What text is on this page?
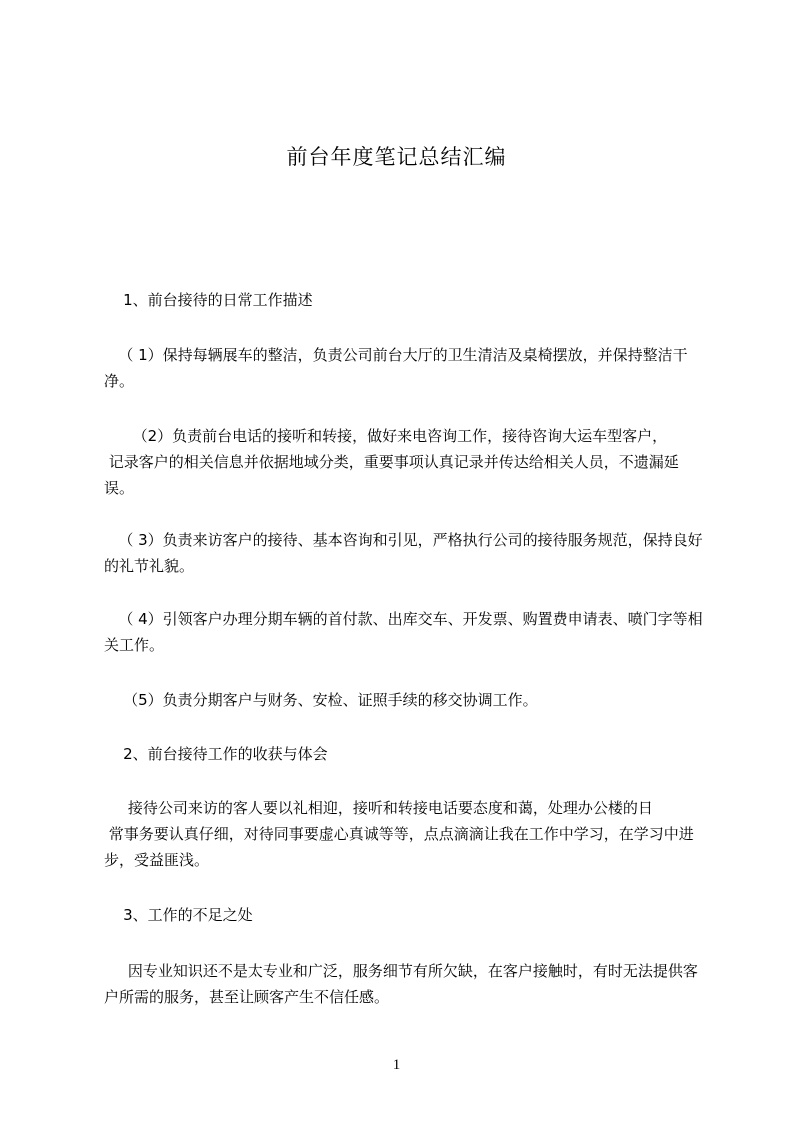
前台年度笔记总结汇编

1、前台接待的日常工作描述

（ 1）保持每辆展车的整洁，负责公司前台大厅的卫生清洁及桌椅摆放，并保持整洁干净。

（2）负责前台电话的接听和转接，做好来电咨询工作，接待咨询大运车型客户，
记录客户的相关信息并依据地域分类，重要事项认真记录并传达给相关人员，不遗漏延误。

（ 3）负责来访客户的接待、基本咨询和引见，严格执行公司的接待服务规范，保持良好的礼节礼貌。

（ 4）引领客户办理分期车辆的首付款、出库交车、开发票、购置费申请表、喷门字等相关工作。

（5）负责分期客户与财务、安检、证照手续的移交协调工作。

2、前台接待工作的收获与体会

接待公司来访的客人要以礼相迎，接听和转接电话要态度和蔼，处理办公楼的日
常事务要认真仔细，对待同事要虚心真诚等等，点点滴滴让我在工作中学习，在学习中进步，受益匪浅。

3、工作的不足之处

因专业知识还不是太专业和广泛，服务细节有所欠缺，在客户接触时，有时无法提供客户所需的服务，甚至让顾客产生不信任感。

1
